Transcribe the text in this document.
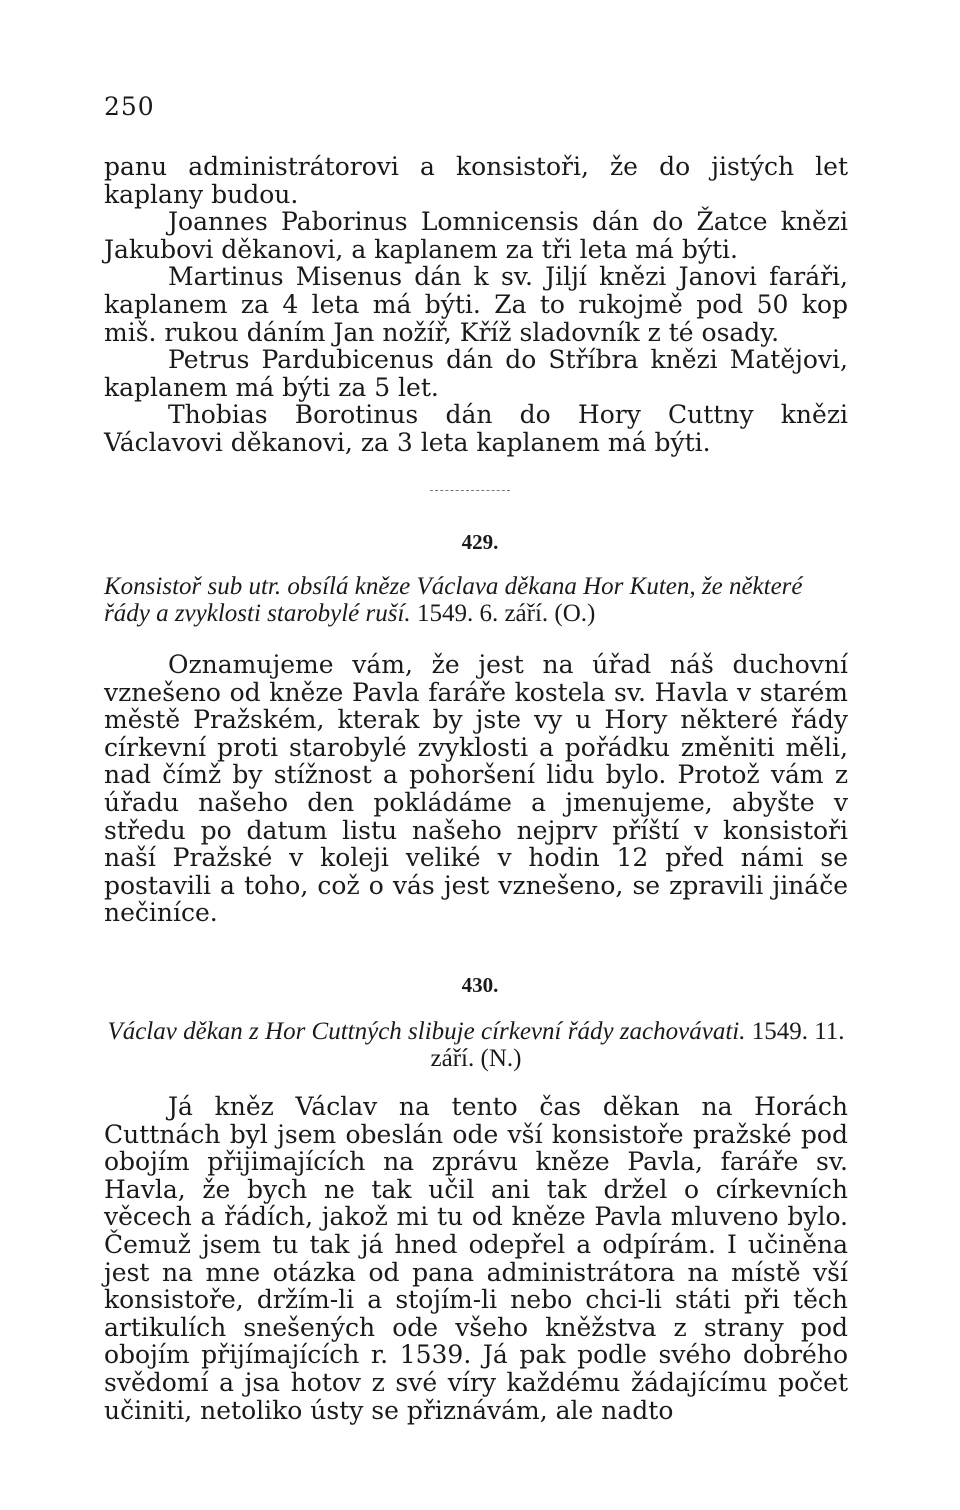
250

panu administrátorovi a konsistoři, že do jistých let kaplany budou.

Joannes Paborinus Lomnicensis dán do Žatce knězi Jakubovi děkanovi, a kaplanem za tři leta má býti.

Martinus Misenus dán k sv. Jiljí knězi Janovi faráři, kaplanem za 4 leta má býti. Za to rukojmě pod 50 kop miš. rukou dáním Jan nožíř, Kříž sladovník z té osady.

Petrus Pardubicenus dán do Stříbra knězi Matějovi, kaplanem má býti za 5 let.

Thobias Borotinus dán do Hory Cuttny knězi Václavovi děkanovi, za 3 leta kaplanem má býti.

429.
Konsistoř sub utr. obsílá kněze Václava děkana Hor Kuten, že některé řády a zvyklosti starobylé ruší. 1549. 6. září. (O.)

Oznamujeme vám, že jest na úřad náš duchovní vznešeno od kněze Pavla faráře kostela sv. Havla v starém městě Pražském, kterak by jste vy u Hory některé řády církevní proti starobylé zvyklosti a pořádku změniti měli, nad čímž by stížnost a pohoršení lidu bylo. Protož vám z úřadu našeho den pokládáme a jmenujeme, abyšte v středu po datum listu našeho nejprv příští v konsistoři naší Pražské v koleji veliké v hodin 12 před námi se postavili a toho, což o vás jest vznešeno, se zpravili jináče nečiníce.

430.
Václav děkan z Hor Cuttných slibuje církevní řády zachovávati. 1549. 11. září. (N.)

Já kněz Václav na tento čas děkan na Horách Cuttnách byl jsem obeslán ode vší konsistoře pražské pod obojím přijimajících na zprávu kněze Pavla, faráře sv. Havla, že bych ne tak učil ani tak držel o církevních věcech a řádích, jakož mi tu od kněze Pavla mluveno bylo. Čemuž jsem tu tak já hned odepřel a odpírám. I učiněna jest na mne otázka od pana administrátora na místě vší konsistoře, držím-li a stojím-li nebo chci-li státi při těch artikulích snešených ode všeho kněžstva z strany pod obojím přijímajících r. 1539. Já pak podle svého dobrého svědomí a jsa hotov z své víry každému žádajícímu počet učiniti, netoliko ústy se přiznávám, ale nadto
